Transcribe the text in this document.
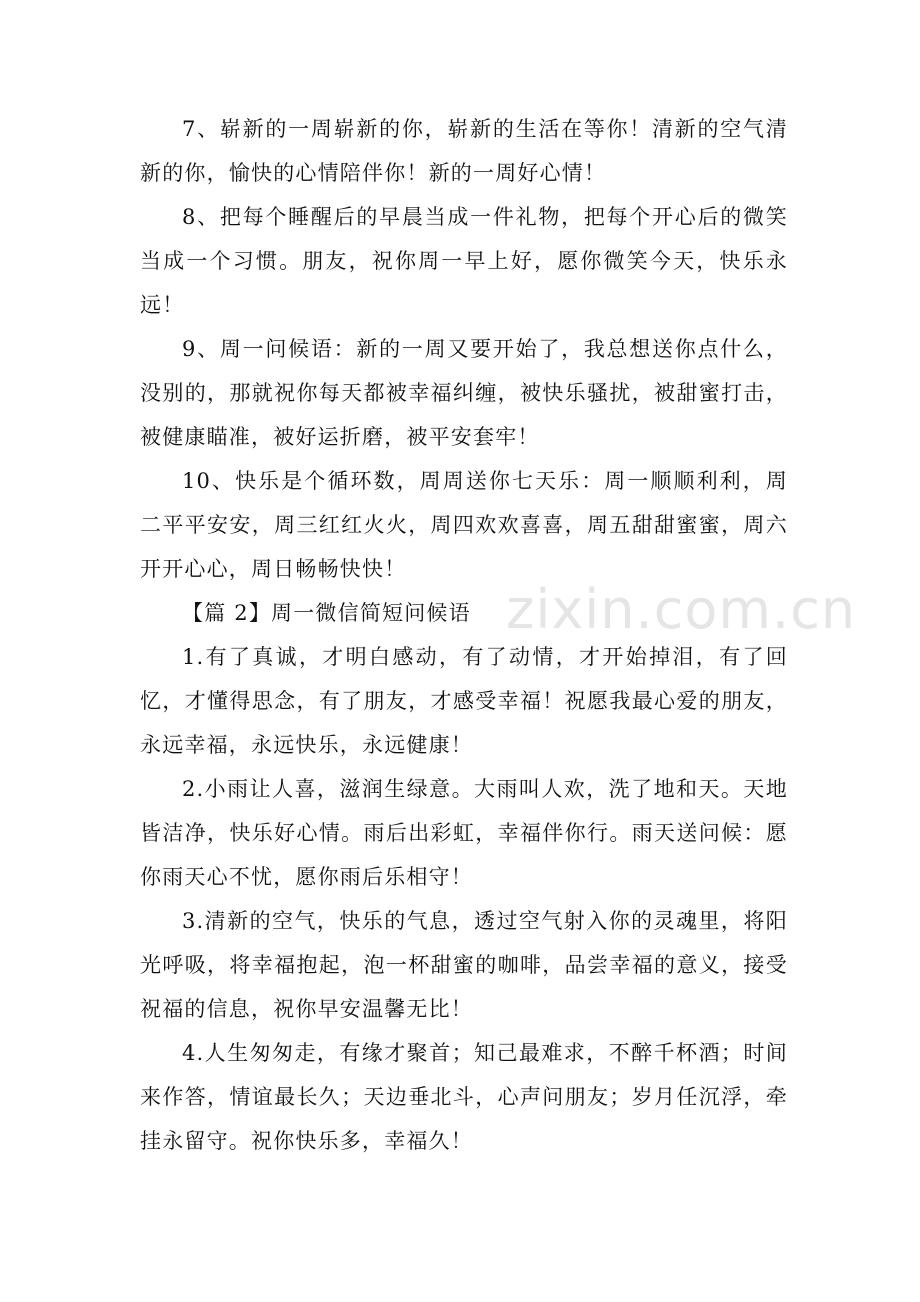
7、崭新的一周崭新的你，崭新的生活在等你！清新的空气清新的你，愉快的心情陪伴你！新的一周好心情！

8、把每个睡醒后的早晨当成一件礼物，把每个开心后的微笑当成一个习惯。朋友，祝你周一早上好，愿你微笑今天，快乐永远！

9、周一问候语：新的一周又要开始了，我总想送你点什么，没别的，那就祝你每天都被幸福纠缠，被快乐骚扰，被甜蜜打击，被健康瞄准，被好运折磨，被平安套牢！

10、快乐是个循环数，周周送你七天乐：周一顺顺利利，周二平平安安，周三红红火火，周四欢欢喜喜，周五甜甜蜜蜜，周六开开心心，周日畅畅快快！

【篇 2】周一微信简短问候语

1.有了真诚，才明白感动，有了动情，才开始掉泪，有了回忆，才懂得思念，有了朋友，才感受幸福！祝愿我最心爱的朋友，永远幸福，永远快乐，永远健康！

2.小雨让人喜，滋润生绿意。大雨叫人欢，洗了地和天。天地皆洁净，快乐好心情。雨后出彩虹，幸福伴你行。雨天送问候：愿你雨天心不忧，愿你雨后乐相守！

3.清新的空气，快乐的气息，透过空气射入你的灵魂里，将阳光呼吸，将幸福抱起，泡一杯甜蜜的咖啡，品尝幸福的意义，接受祝福的信息，祝你早安温馨无比！

4.人生匆匆走，有缘才聚首；知己最难求，不醉千杯酒；时间来作答，情谊最长久；天边垂北斗，心声问朋友；岁月任沉浮，牵挂永留守。祝你快乐多，幸福久！

zixin.com.cn
